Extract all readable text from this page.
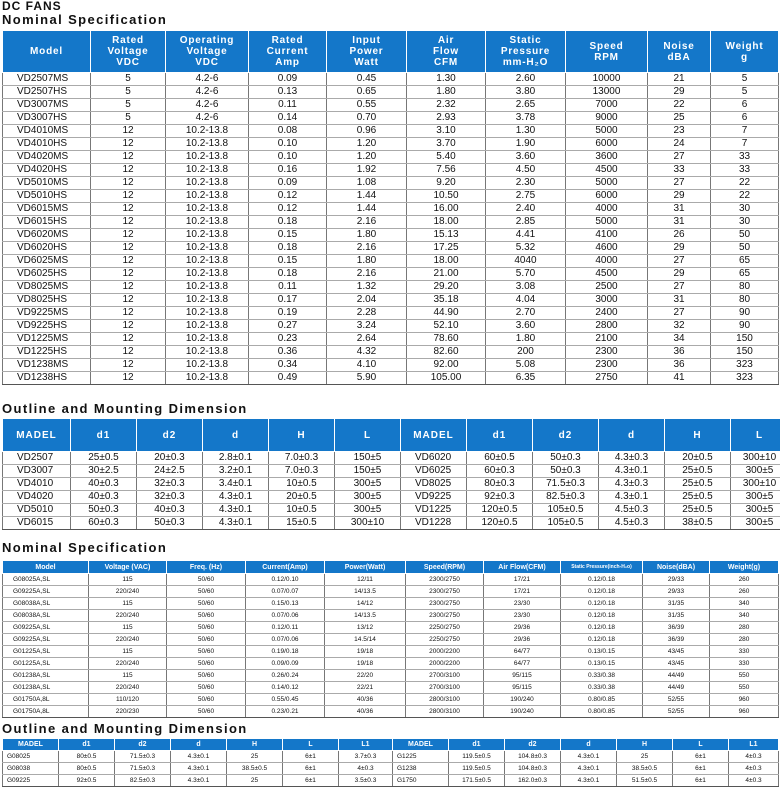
DC FANS
Nominal Specification
Model	Rated
Voltage
VDC	Operating
Voltage
VDC	Rated
Current
Amp	Input
Power
Watt	Air
Flow
CFM	Static
Pressure
mm-H₂O	Speed
RPM	Noise
dBA	Weight
g
VD2507MS	5	4.2-6	0.09	0.45	1.30	2.60	10000	21	5
VD2507HS	5	4.2-6	0.13	0.65	1.80	3.80	13000	29	5
VD3007MS	5	4.2-6	0.11	0.55	2.32	2.65	7000	22	6
VD3007HS	5	4.2-6	0.14	0.70	2.93	3.78	9000	25	6
VD4010MS	12	10.2-13.8	0.08	0.96	3.10	1.30	5000	23	7
VD4010HS	12	10.2-13.8	0.10	1.20	3.70	1.90	6000	24	7
VD4020MS	12	10.2-13.8	0.10	1.20	5.40	3.60	3600	27	33
VD4020HS	12	10.2-13.8	0.16	1.92	7.56	4.50	4500	33	33
VD5010MS	12	10.2-13.8	0.09	1.08	9.20	2.30	5000	27	22
VD5010HS	12	10.2-13.8	0.12	1.44	10.50	2.75	6000	29	22
VD6015MS	12	10.2-13.8	0.12	1.44	16.00	2.40	4000	31	30
VD6015HS	12	10.2-13.8	0.18	2.16	18.00	2.85	5000	31	30
VD6020MS	12	10.2-13.8	0.15	1.80	15.13	4.41	4100	26	50
VD6020HS	12	10.2-13.8	0.18	2.16	17.25	5.32	4600	29	50
VD6025MS	12	10.2-13.8	0.15	1.80	18.00	4040	4000	27	65
VD6025HS	12	10.2-13.8	0.18	2.16	21.00	5.70	4500	29	65
VD8025MS	12	10.2-13.8	0.11	1.32	29.20	3.08	2500	27	80
VD8025HS	12	10.2-13.8	0.17	2.04	35.18	4.04	3000	31	80
VD9225MS	12	10.2-13.8	0.19	2.28	44.90	2.70	2400	27	90
VD9225HS	12	10.2-13.8	0.27	3.24	52.10	3.60	2800	32	90
VD1225MS	12	10.2-13.8	0.23	2.64	78.60	1.80	2100	34	150
VD1225HS	12	10.2-13.8	0.36	4.32	82.60	200	2300	36	150
VD1238MS	12	10.2-13.8	0.34	4.10	92.00	5.08	2300	36	323
VD1238HS	12	10.2-13.8	0.49	5.90	105.00	6.35	2750	41	323
Outline and Mounting Dimension
MADEL	d1	d2	d	H	L	MADEL	d1	d2	d	H	L
VD2507	25±0.5	20±0.3	2.8±0.1	7.0±0.3	150±5	VD6020	60±0.5	50±0.3	4.3±0.3	20±0.5	300±10
VD3007	30±2.5	24±2.5	3.2±0.1	7.0±0.3	150±5	VD6025	60±0.3	50±0.3	4.3±0.1	25±0.5	300±5
VD4010	40±0.3	32±0.3	3.4±0.1	10±0.5	300±5	VD8025	80±0.3	71.5±0.3	4.3±0.3	25±0.5	300±10
VD4020	40±0.3	32±0.3	4.3±0.1	20±0.5	300±5	VD9225	92±0.3	82.5±0.3	4.3±0.1	25±0.5	300±5
VD5010	50±0.3	40±0.3	4.3±0.1	10±0.5	300±5	VD1225	120±0.5	105±0.5	4.5±0.3	25±0.5	300±5
VD6015	60±0.3	50±0.3	4.3±0.1	15±0.5	300±10	VD1228	120±0.5	105±0.5	4.5±0.3	38±0.5	300±5
Nominal Specification
Model	Voltage (VAC)	Freq. (Hz)	Current(Amp)	Power(Watt)	Speed(RPM)	Air Flow(CFM)	Static Pressure(inch-H₂o)	Noise(dBA)	Weight(g)
G08025A,SL	115	50/60	0.12/0.10	12/11	2300/2750	17/21	0.12/0.18	29/33	260
G09225A,SL	220/240	50/60	0.07/0.07	14/13.5	2300/2750	17/21	0.12/0.18	29/33	260
G08038A,SL	115	50/60	0.15/0.13	14/12	2300/2750	23/30	0.12/0.18	31/35	340
G08038A,SL	220/240	50/60	0.07/0.06	14/13.5	2300/2750	23/30	0.12/0.18	31/35	340
G09225A,SL	115	50/60	0.12/0.11	13/12	2250/2750	29/36	0.12/0.18	36/39	280
G09225A,SL	220/240	50/60	0.07/0.06	14.5/14	2250/2750	29/36	0.12/0.18	36/39	280
G01225A,SL	115	50/60	0.19/0.18	19/18	2000/2200	64/77	0.13/0.15	43/45	330
G01225A,SL	220/240	50/60	0.09/0.09	19/18	2000/2200	64/77	0.13/0.15	43/45	330
G01238A,SL	115	50/60	0.26/0.24	22/20	2700/3100	95/115	0.33/0.38	44/49	550
G01238A,SL	220/240	50/60	0.14/0.12	22/21	2700/3100	95/115	0.33/0.38	44/49	550
G01750A,8L	110/120	50/60	0.55/0.45	40/36	2800/3100	190/240	0.80/0.85	52/55	960
G01750A,8L	220/230	50/60	0.23/0.21	40/36	2800/3100	190/240	0.80/0.85	52/55	960
Outline and Mounting Dimension
MADEL	d1	d2	d	H	L	L1	MADEL	d1	d2	d	H	L	L1
G08025	80±0.5	71.5±0.3	4.3±0.1	25	6±1	3.7±0.3	G1225	119.5±0.5	104.8±0.3	4.3±0.1	25	6±1	4±0.3
G08038	80±0.5	71.5±0.3	4.3±0.1	38.5±0.5	6±1	4±0.3	G1238	119.5±0.5	104.8±0.3	4.3±0.1	38.5±0.5	6±1	4±0.3
G09225	92±0.5	82.5±0.3	4.3±0.1	25	6±1	3.5±0.3	G1750	171.5±0.5	162.0±0.3	4.3±0.1	51.5±0.5	6±1	4±0.3
